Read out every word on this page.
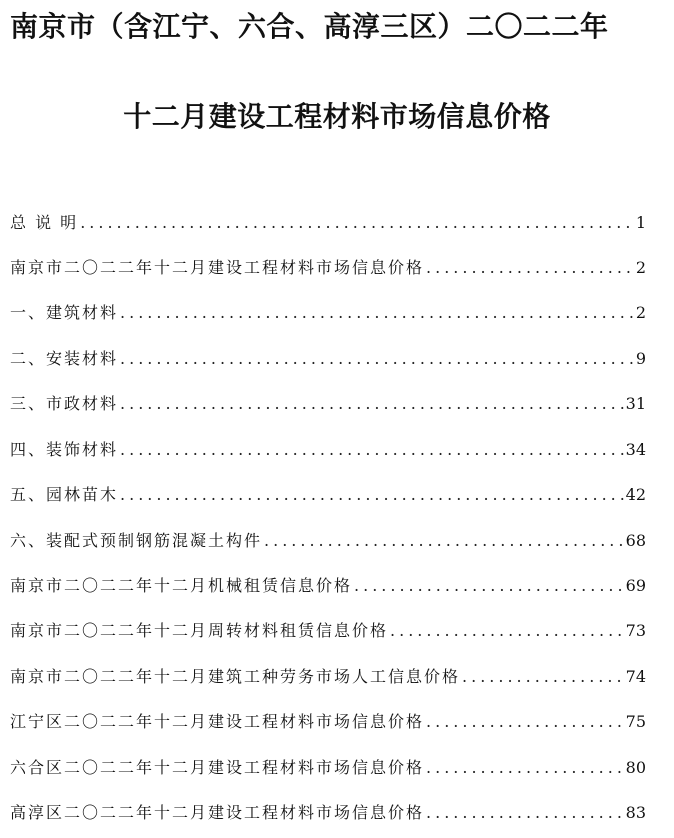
南京市（含江宁、六合、高淳三区）二〇二二年
十二月建设工程材料市场信息价格
总 说 明 .....	1
南京市二〇二二年十二月建设工程材料市场信息价格 .....	2
一、建筑材料 .....	2
二、安装材料 .....	9
三、市政材料 .....	31
四、装饰材料 .....	34
五、园林苗木 .....	42
六、装配式预制钢筋混凝土构件 .....	68
南京市二〇二二年十二月机械租赁信息价格 .....	69
南京市二〇二二年十二月周转材料租赁信息价格 .....	73
南京市二〇二二年十二月建筑工种劳务市场人工信息价格 .....	74
江宁区二〇二二年十二月建设工程材料市场信息价格 .....	75
六合区二〇二二年十二月建设工程材料市场信息价格 .....	80
高淳区二〇二二年十二月建设工程材料市场信息价格 .....	83
